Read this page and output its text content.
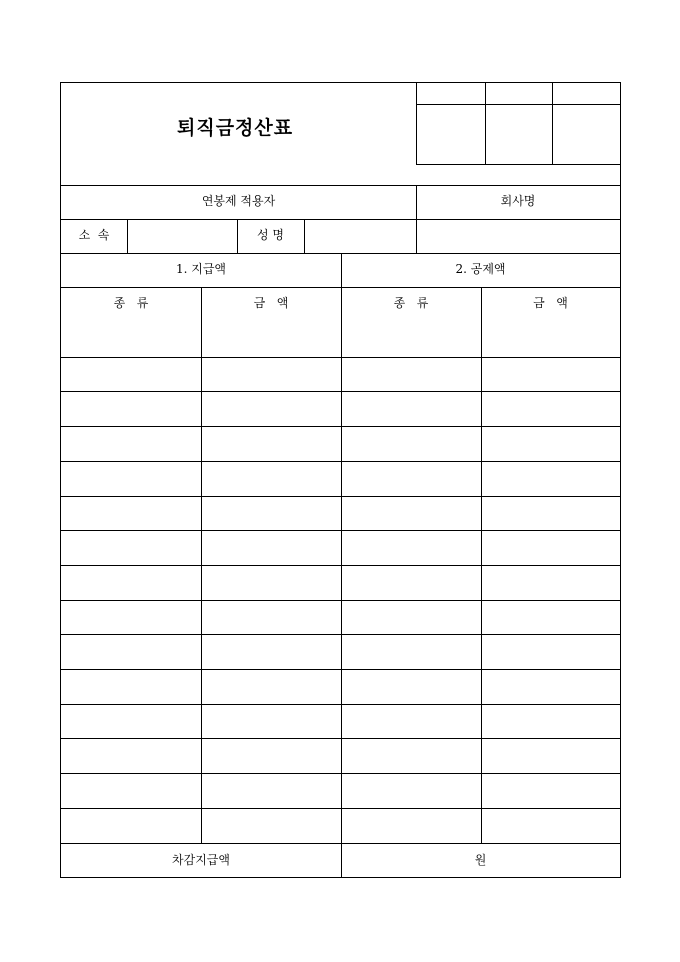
퇴직금정산표
연봉제 적용자	회사명
소  속	성 명
1. 지급액	2. 공제액
종   류	금   액	종   류	금   액
차감지급액	원
